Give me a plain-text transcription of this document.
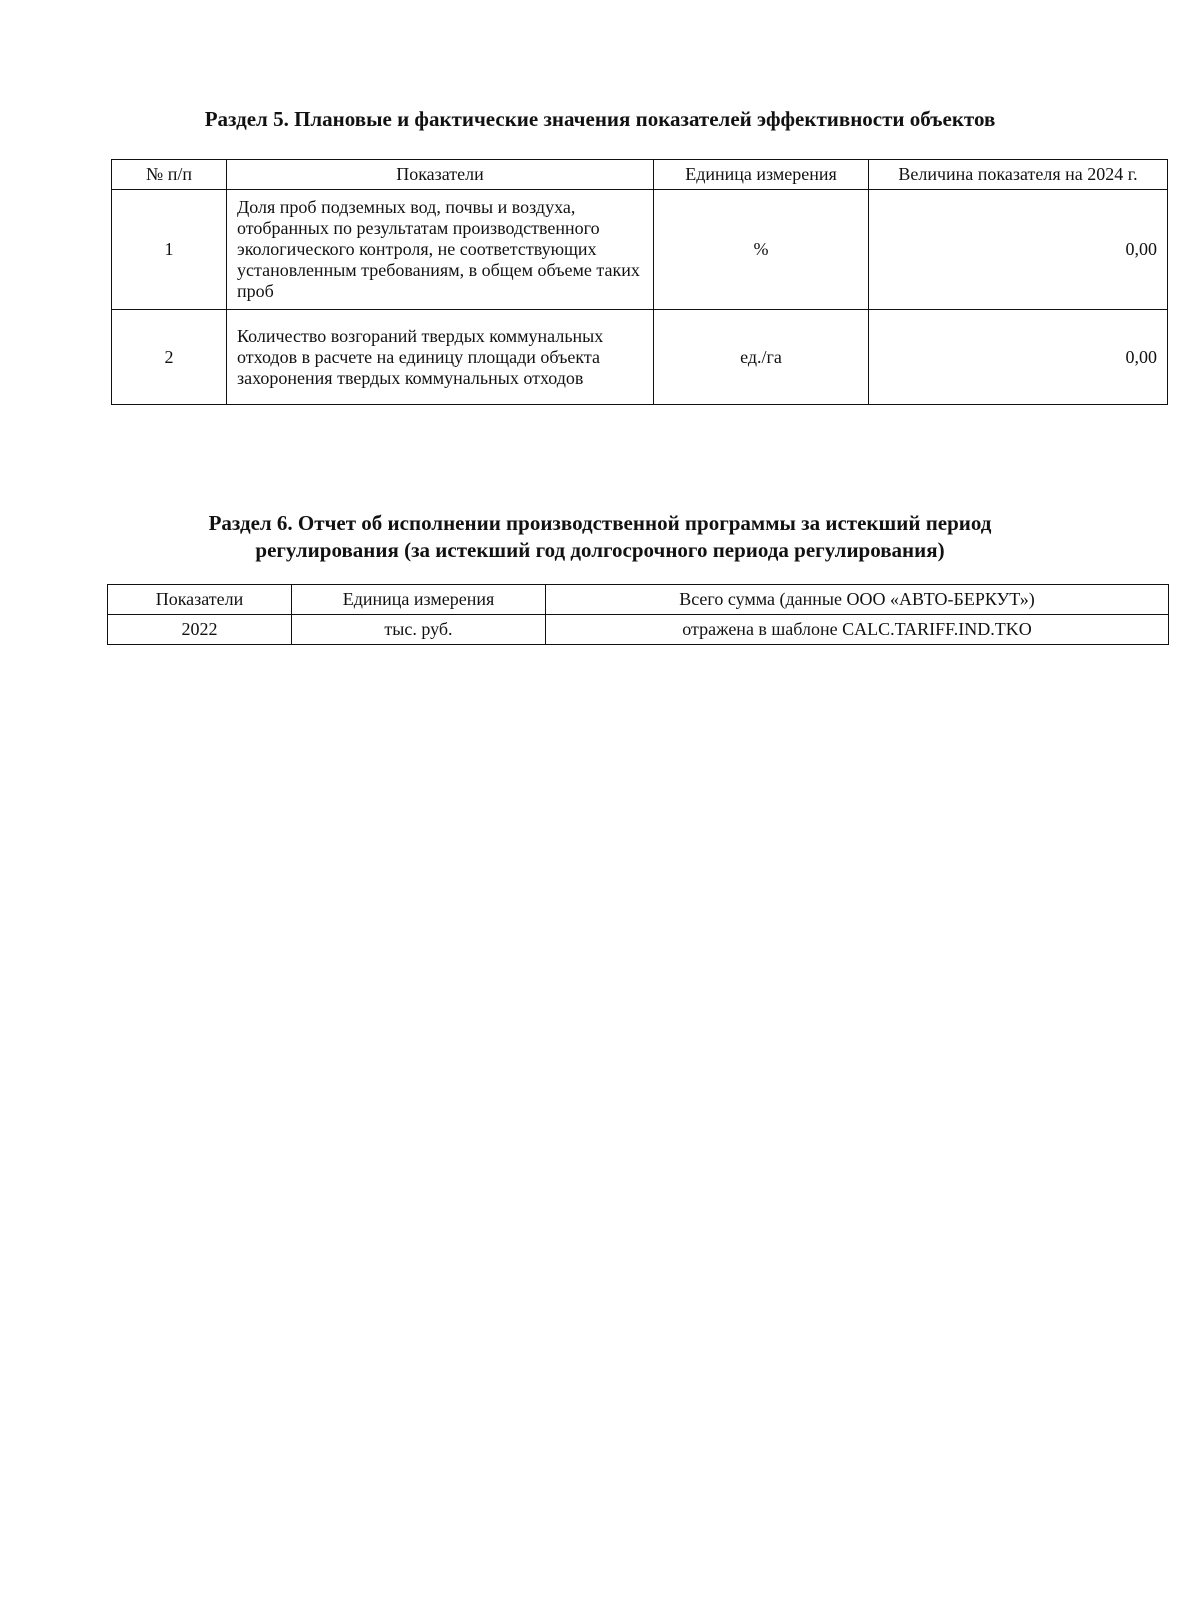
Раздел 5. Плановые и фактические значения показателей эффективности объектов
№ п/п	Показатели	Единица измерения	Величина показателя на 2024 г.
1	Доля проб подземных вод, почвы и воздуха, отобранных по результатам производственного экологического контроля, не соответствующих установленным требованиям, в общем объеме таких проб	%	0,00
2	Количество возгораний твердых коммунальных отходов в расчете на единицу площади объекта захоронения твердых коммунальных отходов	ед./га	0,00
Раздел 6. Отчет об исполнении производственной программы за истекший период
регулирования (за истекший год долгосрочного периода регулирования)
Показатели	Единица измерения	Всего сумма (данные ООО «АВТО-БЕРКУТ»)
2022	тыс. руб.	отражена в шаблоне CALC.TARIFF.IND.TKO
